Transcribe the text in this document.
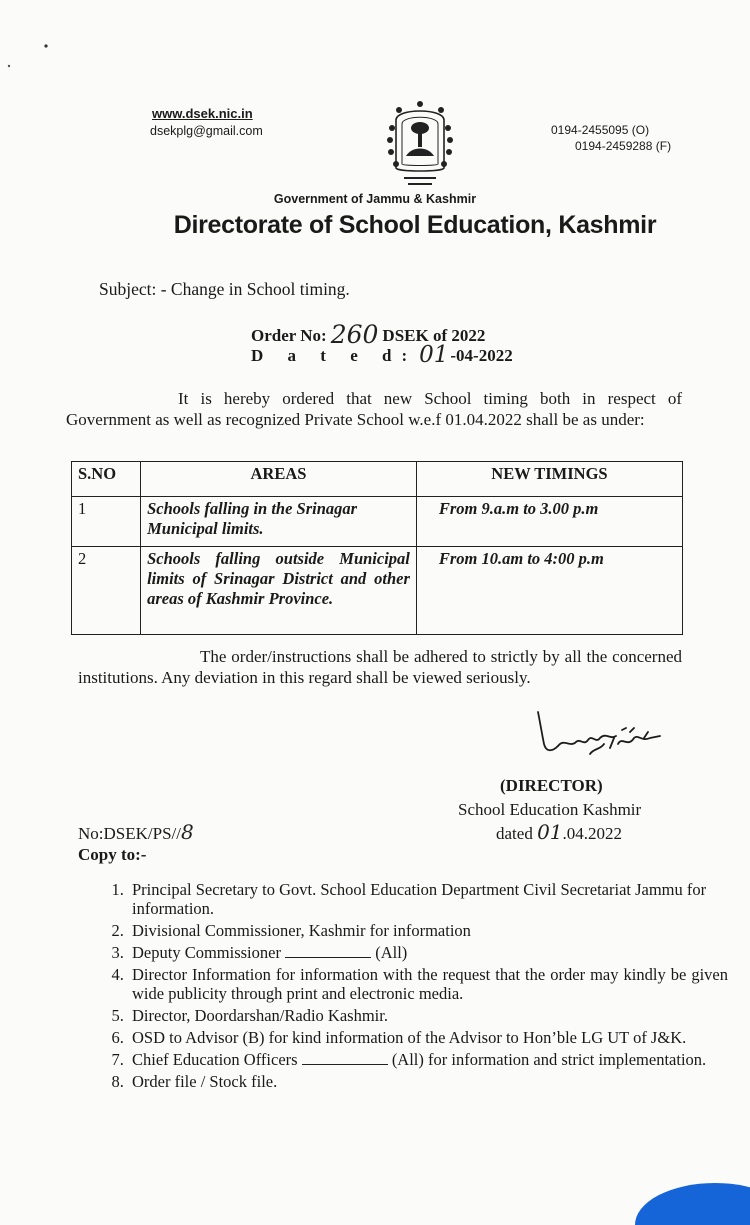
www.dsek.nic.in
dsekplg@gmail.com	0194-2455095 (O)
0194-2459288 (F)
Government of Jammu & Kashmir
Directorate of School Education, Kashmir
Subject: - Change in School timing.
Order No: 260 DSEK of 2022
D a t e d:01 -04-2022

It is hereby ordered that new School timing both in respect of Government as well as recognized Private School w.e.f 01.04.2022 shall be as under:

S.NO	AREAS	NEW TIMINGS
1	Schools falling in the Srinagar Municipal limits.	From 9.a.m to 3.00 p.m
2	Schools falling outside Municipal limits of Srinagar District and other areas of Kashmir Province.	From 10.am to 4:00 p.m

The order/instructions shall be adhered to strictly by all the concerned institutions. Any deviation in this regard shall be viewed seriously.

(DIRECTOR)
School Education Kashmir
dated 01.04.2022
No:DSEK/PS//8
Copy to:-
1. Principal Secretary to Govt. School Education Department Civil Secretariat Jammu for information.
2. Divisional Commissioner, Kashmir for information
3. Deputy Commissioner	(All)
4. Director Information for information with the request that the order may kindly be given wide publicity through print and electronic media.
5. Director, Doordarshan/Radio Kashmir.
6. OSD to Advisor (B) for kind information of the Advisor to Hon’ble LG UT of J&K.
7. Chief Education Officers	(All) for information and strict implementation.
8. Order file / Stock file.
